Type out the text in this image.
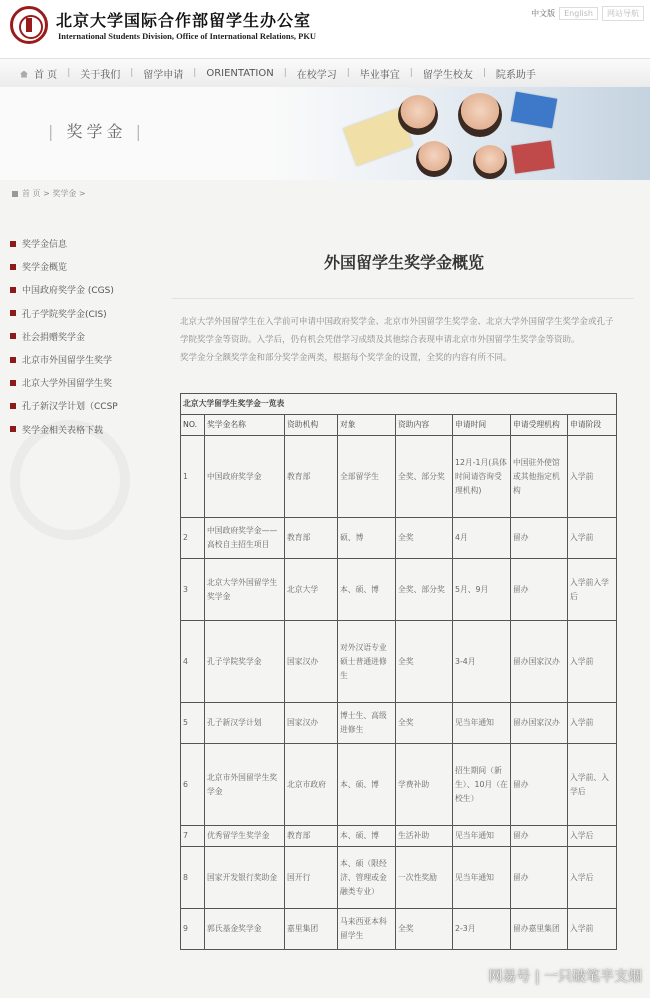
北京大学国际合作部留学生办公室
International Students Division, Office of International Relations, PKU
中文版	English	网站导航
首 页	|	关于我们	|	留学申请	|	ORIENTATION	|	在校学习	|	毕业事宜	|	留学生校友	|	院系助手
| 奖学金 |
首 页 > 奖学金 >
奖学金信息
奖学金概览
中国政府奖学金 (CGS)
孔子学院奖学金(CIS)
社会捐赠奖学金
北京市外国留学生奖学
北京大学外国留学生奖
孔子新汉学计划（CCSP
奖学金相关表格下载
外国留学生奖学金概览

北京大学外国留学生在入学前可申请中国政府奖学金、北京市外国留学生奖学金、北京大学外国留学生奖学金或孔子

学院奖学金等资助。入学后，仍有机会凭借学习成绩及其他综合表现申请北京市外国留学生奖学金等资助。

奖学金分全额奖学金和部分奖学金两类，根据每个奖学金的设置，全奖的内容有所不同。

北京大学留学生奖学金一览表							
NO.	奖学金名称	资助机构	对象	资助内容	申请时间	申请受理机构	申请阶段
1	中国政府奖学金	教育部	全部留学生	全奖、部分奖	12月-1月(具体时间请咨询受理机构)	中国驻外使馆或其他指定机构	入学前
2	中国政府奖学金——高校自主招生项目	教育部	硕、博	全奖	4月	留办	入学前
3	北京大学外国留学生奖学金	北京大学	本、硕、博	全奖、部分奖	5月、9月	留办	入学前入学后
4	孔子学院奖学金	国家汉办	对外汉语专业硕士普通进修生	全奖	3-4月	留办国家汉办	入学前
5	孔子新汉学计划	国家汉办	博士生、高级进修生	全奖	见当年通知	留办国家汉办	入学前
6	北京市外国留学生奖学金	北京市政府	本、硕、博	学费补助	招生期间（新生）、10月（在校生）	留办	入学前、入学后
7	优秀留学生奖学金	教育部	本、硕、博	生活补助	见当年通知	留办	入学后
8	国家开发银行奖助金	国开行	本、硕（限经济、管理或金融类专业）	一次性奖励	见当年通知	留办	入学后
9	郭氏基金奖学金	嘉里集团	马来西亚本科留学生	全奖	2-3月	留办嘉里集团	入学前
网易号 | 一只破笔半支烟
